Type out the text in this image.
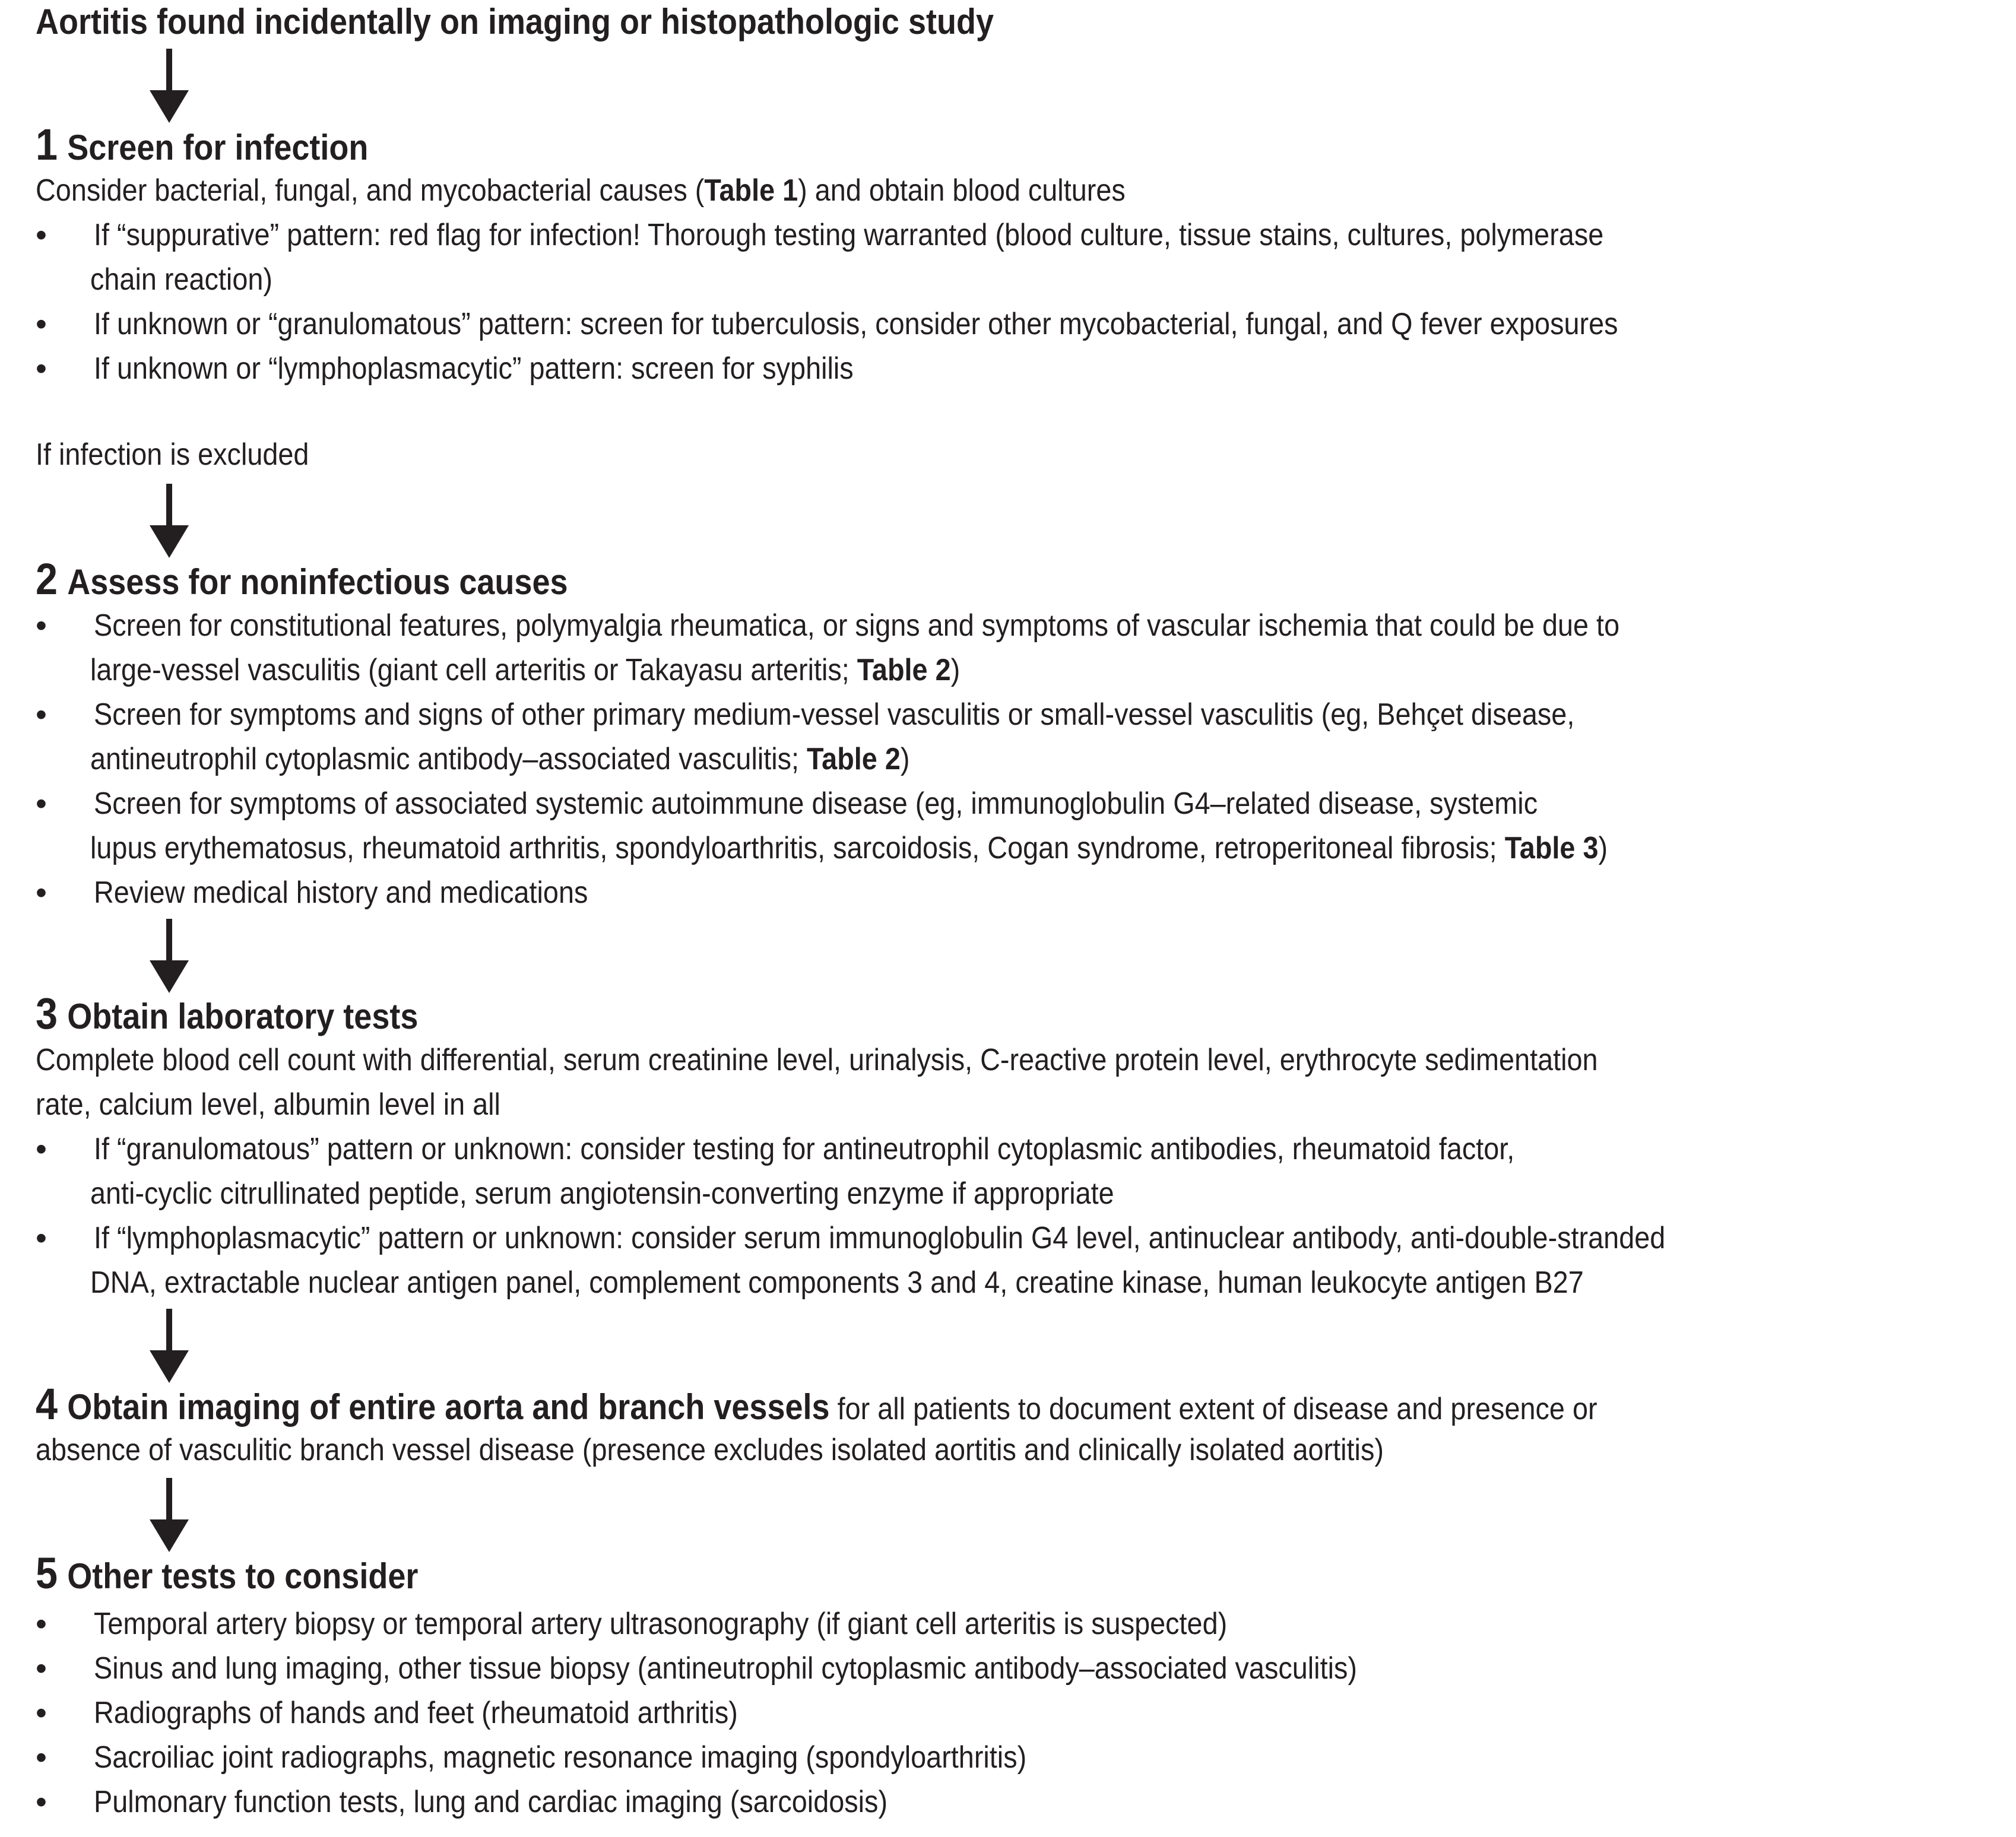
Aortitis found incidentally on imaging or histopathologic study
1 Screen for infection
Consider bacterial, fungal, and mycobacterial causes (Table 1) and obtain blood cultures
• If “suppurative” pattern: red flag for infection! Thorough testing warranted (blood culture, tissue stains, cultures, polymerase
chain reaction)
• If unknown or “granulomatous” pattern: screen for tuberculosis, consider other mycobacterial, fungal, and Q fever exposures
• If unknown or “lymphoplasmacytic” pattern: screen for syphilis
If infection is excluded
2 Assess for noninfectious causes
• Screen for constitutional features, polymyalgia rheumatica, or signs and symptoms of vascular ischemia that could be due to
large-vessel vasculitis (giant cell arteritis or Takayasu arteritis; Table 2)
• Screen for symptoms and signs of other primary medium-vessel vasculitis or small-vessel vasculitis (eg, Behçet disease,
antineutrophil cytoplasmic antibody–associated vasculitis; Table 2)
• Screen for symptoms of associated systemic autoimmune disease (eg, immunoglobulin G4–related disease, systemic
lupus erythematosus, rheumatoid arthritis, spondyloarthritis, sarcoidosis, Cogan syndrome, retroperitoneal fibrosis; Table 3)
• Review medical history and medications
3 Obtain laboratory tests
Complete blood cell count with differential, serum creatinine level, urinalysis, C-reactive protein level, erythrocyte sedimentation
rate, calcium level, albumin level in all
• If “granulomatous” pattern or unknown: consider testing for antineutrophil cytoplasmic antibodies, rheumatoid factor,
anti-cyclic citrullinated peptide, serum angiotensin-converting enzyme if appropriate
• If “lymphoplasmacytic” pattern or unknown: consider serum immunoglobulin G4 level, antinuclear antibody, anti-double-stranded
DNA, extractable nuclear antigen panel, complement components 3 and 4, creatine kinase, human leukocyte antigen B27
4 Obtain imaging of entire aorta and branch vessels for all patients to document extent of disease and presence or
absence of vasculitic branch vessel disease (presence excludes isolated aortitis and clinically isolated aortitis)
5 Other tests to consider
• Temporal artery biopsy or temporal artery ultrasonography (if giant cell arteritis is suspected)
• Sinus and lung imaging, other tissue biopsy (antineutrophil cytoplasmic antibody–associated vasculitis)
• Radiographs of hands and feet (rheumatoid arthritis)
• Sacroiliac joint radiographs, magnetic resonance imaging (spondyloarthritis)
• Pulmonary function tests, lung and cardiac imaging (sarcoidosis)
